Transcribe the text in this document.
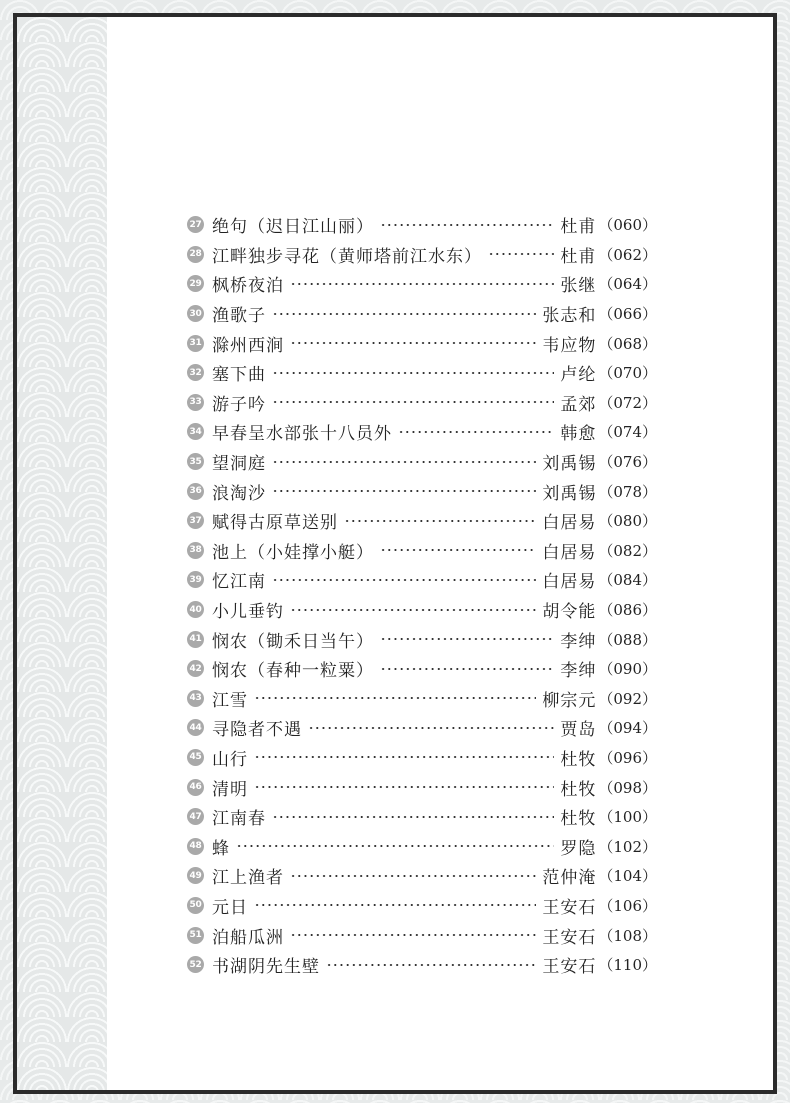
27 绝句（迟日江山丽）	杜甫 （060）
28 江畔独步寻花（黄师塔前江水东）	杜甫 （062）
29 枫桥夜泊	张继 （064）
30 渔歌子	张志和 （066）
31 滁州西涧	韦应物 （068）
32 塞下曲	卢纶 （070）
33 游子吟	孟郊 （072）
34 早春呈水部张十八员外	韩愈 （074）
35 望洞庭	刘禹锡 （076）
36 浪淘沙	刘禹锡 （078）
37 赋得古原草送别	白居易 （080）
38 池上（小娃撑小艇）	白居易 （082）
39 忆江南	白居易 （084）
40 小儿垂钓	胡令能 （086）
41 悯农（锄禾日当午）	李绅 （088）
42 悯农（春种一粒粟）	李绅 （090）
43 江雪	柳宗元 （092）
44 寻隐者不遇	贾岛 （094）
45 山行	杜牧 （096）
46 清明	杜牧 （098）
47 江南春	杜牧 （100）
48 蜂	罗隐 （102）
49 江上渔者	范仲淹 （104）
50 元日	王安石 （106）
51 泊船瓜洲	王安石 （108）
52 书湖阴先生壁	王安石 （110）
